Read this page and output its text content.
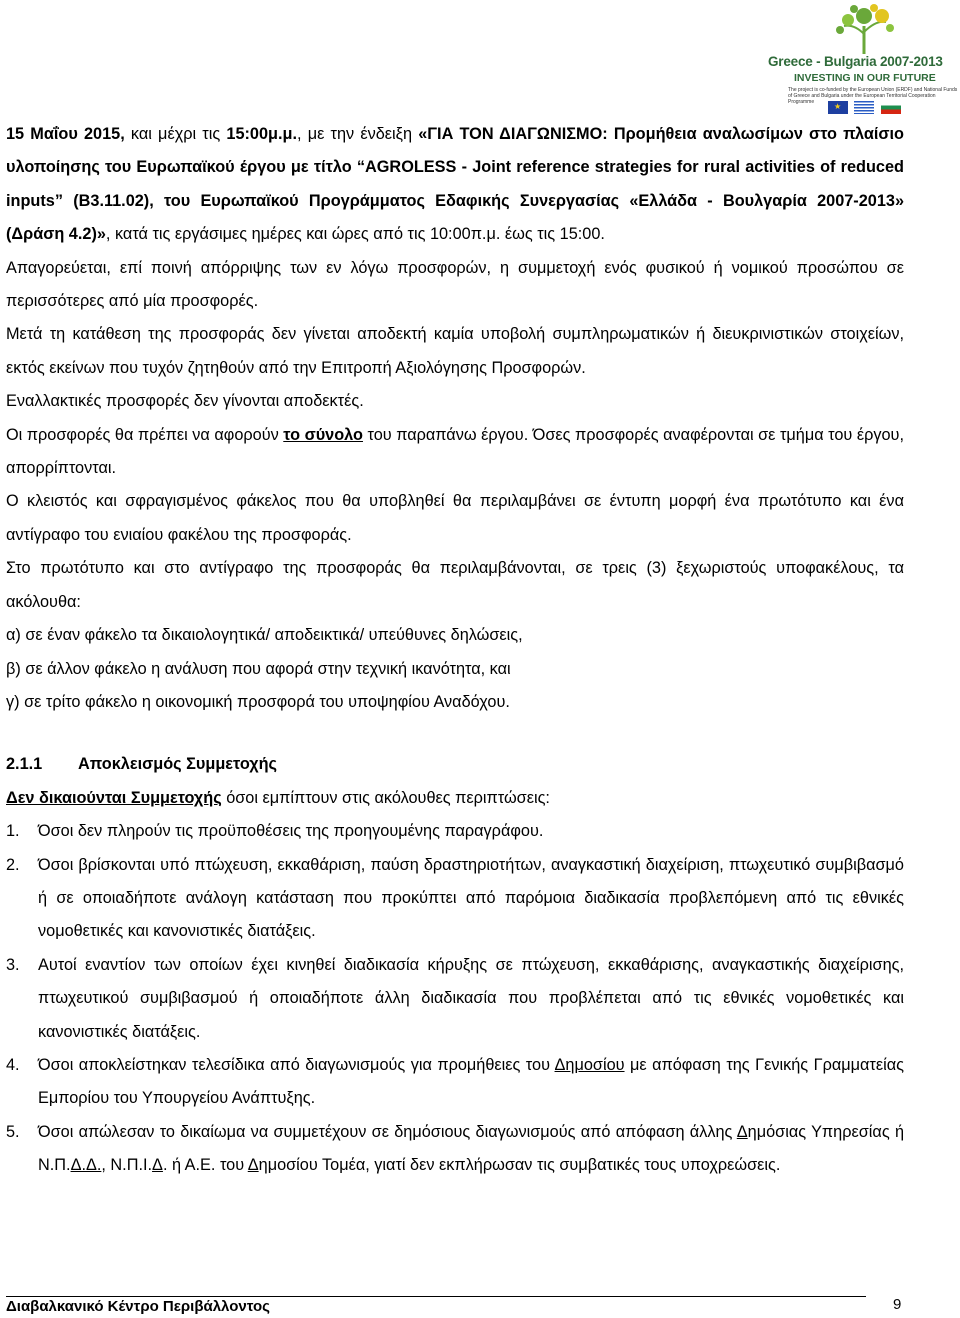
Greece - Bulgaria 2007-2013
INVESTING IN OUR FUTURE
The project is co-funded by the European Union (ERDF) and National Funds of Greece and Bulgaria under the European Territorial Cooperation Programme
★

15 Μαΐου 2015, και μέχρι τις 15:00μ.μ., με την ένδειξη «ΓΙΑ ΤΟΝ ΔΙΑΓΩΝΙΣΜΟ: Προμήθεια αναλωσίμων στο πλαίσιο υλοποίησης του Ευρωπαϊκού έργου με τίτλο “AGROLESS - Joint reference strategies for rural activities of reduced inputs” (B3.11.02), του Ευρωπαϊκού Προγράμματος Εδαφικής Συνεργασίας «Ελλάδα - Βουλγαρία 2007-2013» (Δράση 4.2)», κατά τις εργάσιμες ημέρες και ώρες από τις 10:00π.μ. έως τις 15:00.

Απαγορεύεται, επί ποινή απόρριψης των εν λόγω προσφορών, η συμμετοχή ενός φυσικού ή νομικού προσώπου σε περισσότερες από μία προσφορές.

Μετά τη κατάθεση της προσφοράς δεν γίνεται αποδεκτή καμία υποβολή συμπληρωματικών ή διευκρινιστικών στοιχείων, εκτός εκείνων που τυχόν ζητηθούν από την Επιτροπή Αξιολόγησης Προσφορών.

Εναλλακτικές προσφορές δεν γίνονται αποδεκτές.

Οι προσφορές θα πρέπει να αφορούν το σύνολο του παραπάνω έργου. Όσες προσφορές αναφέρονται σε τμήμα του έργου, απορρίπτονται.

Ο κλειστός και σφραγισμένος φάκελος που θα υποβληθεί θα περιλαμβάνει σε έντυπη μορφή ένα πρωτότυπο και ένα αντίγραφο του ενιαίου φακέλου της προσφοράς.

Στο πρωτότυπο και στο αντίγραφο της προσφοράς θα περιλαμβάνονται, σε τρεις (3) ξεχωριστούς υποφακέλους, τα ακόλουθα:

α) σε έναν φάκελο τα δικαιολογητικά/ αποδεικτικά/ υπεύθυνες δηλώσεις,

β) σε άλλον φάκελο η ανάλυση που αφορά στην τεχνική ικανότητα, και

γ) σε τρίτο φάκελο η οικονομική προσφορά του υποψηφίου Αναδόχου.

2.1.1 Αποκλεισμός Συμμετοχής

Δεν δικαιούνται Συμμετοχής όσοι εμπίπτουν στις ακόλουθες περιπτώσεις:

1.	Όσοι δεν πληρούν τις προϋποθέσεις της προηγουμένης παραγράφου.
2.	Όσοι βρίσκονται υπό πτώχευση, εκκαθάριση, παύση δραστηριοτήτων, αναγκαστική διαχείριση, πτωχευτικό συμβιβασμό ή σε οποιαδήποτε ανάλογη κατάσταση που προκύπτει από παρόμοια διαδικασία προβλεπόμενη από τις εθνικές νομοθετικές και κανονιστικές διατάξεις.
3.	Αυτοί εναντίον των οποίων έχει κινηθεί διαδικασία κήρυξης σε πτώχευση, εκκαθάρισης, αναγκαστικής διαχείρισης, πτωχευτικού συμβιβασμού ή οποιαδήποτε άλλη διαδικασία που προβλέπεται από τις εθνικές νομοθετικές και κανονιστικές διατάξεις.
4.	Όσοι αποκλείστηκαν τελεσίδικα από διαγωνισμούς για προμήθειες του Δημοσίου με απόφαση της Γενικής Γραμματείας Εμπορίου του Υπουργείου Ανάπτυξης.
5.	Όσοι απώλεσαν το δικαίωμα να συμμετέχουν σε δημόσιους διαγωνισμούς από απόφαση άλλης Δημόσιας Υπηρεσίας ή Ν.Π.Δ.Δ., Ν.Π.Ι.Δ. ή Α.Ε. του Δημοσίου Τομέα, γιατί δεν εκπλήρωσαν τις συμβατικές τους υποχρεώσεις.
Διαβαλκανικό Κέντρο Περιβάλλοντος	9
